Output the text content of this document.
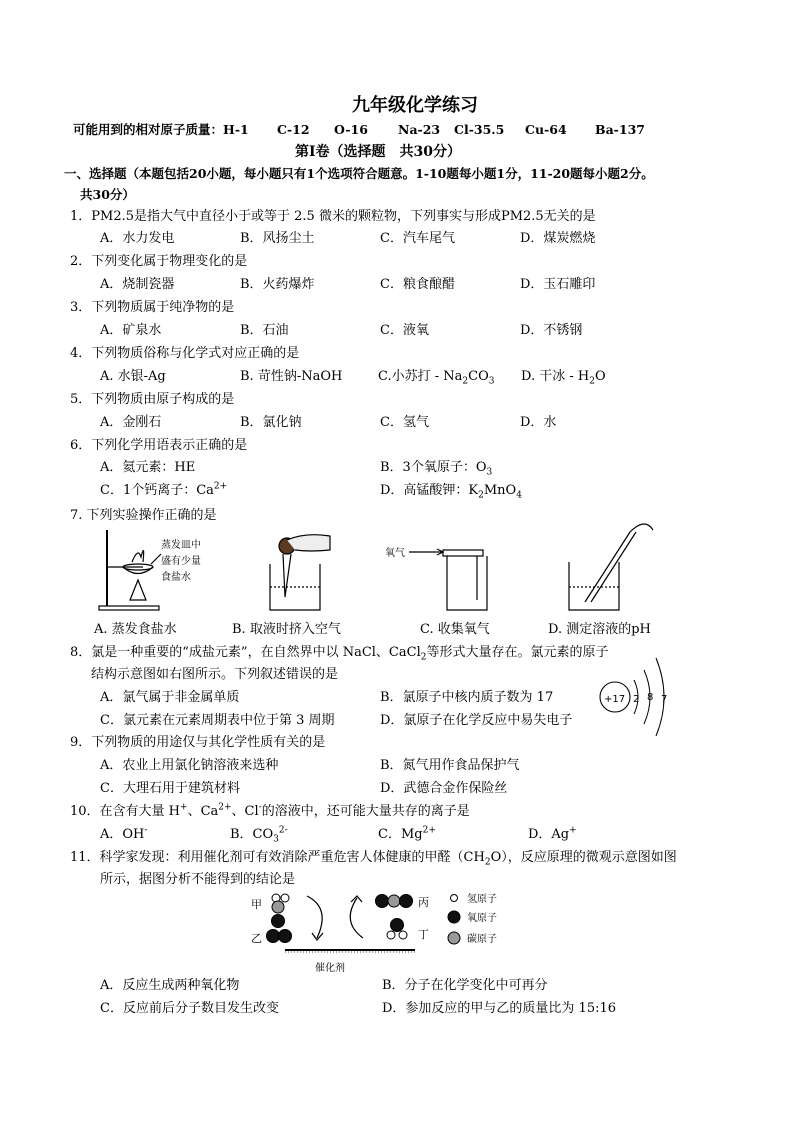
九年级化学练习
可能用到的相对原子质量： H-1	C-12	O-16	Na-23	Cl-35.5	Cu-64	Ba-137
第Ⅰ卷（选择题　共30分）
一、选择题（本题包括20小题，每小题只有1个选项符合题意。1-10题每小题1分，11-20题每小题2分。
共30分）
1．PM2.5是指大气中直径小于或等于 2.5 微米的颗粒物，下列事实与形成PM2.5无关的是
A．水力发电	B．风扬尘土	C．汽车尾气	D．煤炭燃烧
2．下列变化属于物理变化的是
A．烧制瓷器	B．火药爆炸	C．粮食酿醋	D．玉石雕印
3．下列物质属于纯净物的是
A．矿泉水	B．石油	C．液氧	D．不锈钢
4．下列物质俗称与化学式对应正确的是
A. 水银-Ag	B. 苛性钠-NaOH	C.小苏打 - $Na_2CO_3$ D. 干冰 - $H_2O$
5．下列物质由原子构成的是
A．金刚石	B．氯化钠	C．氢气	D．水
6．下列化学用语表示正确的是
A．氦元素：HE	B．3个氧原子：$O_3$
C．1个钙离子：$Ca^{2+}$	D．高锰酸钾：$K_2MnO_4$
7. 下列实验操作正确的是
蒸发皿中
盛有少量
食盐水
氧气
A. 蒸发食盐水	B. 取液时挤入空气	C. 收集氧气	D. 测定溶液的pH
8．氯是一种重要的“成盐元素”，在自然界中以 NaCl、CaCl$_2$等形式大量存在。氯元素的原子
结构示意图如右图所示。下列叙述错误的是
A．氯气属于非金属单质	B．氯原子中核内质子数为 17
C．氯元素在元素周期表中位于第 3 周期	D．氯原子在化学反应中易失电子
+17 2 8 7
9．下列物质的用途仅与其化学性质有关的是
A．农业上用氯化钠溶液来选种	B．氮气用作食品保护气
C．大理石用于建筑材料	D．武德合金作保险丝
10．在含有大量 H+、$Ca^{2+}$、Cl-的溶液中，还可能大量共存的离子是
A．OH-	B．$CO_3^{2-}$	C．$Mg^{2+}$	D．Ag+
11．科学家发现：利用催化剂可有效消除严重危害人体健康的甲醛$(CH_2O)$，反应原理的微观示意图如图
所示，据图分析不能得到的结论是
甲
乙
丙
丁
催化剂
氢原子
氧原子
碳原子
A．反应生成两种氧化物	B．分子在化学变化中可再分
C．反应前后分子数目发生改变	D．参加反应的甲与乙的质量比为 15:16
